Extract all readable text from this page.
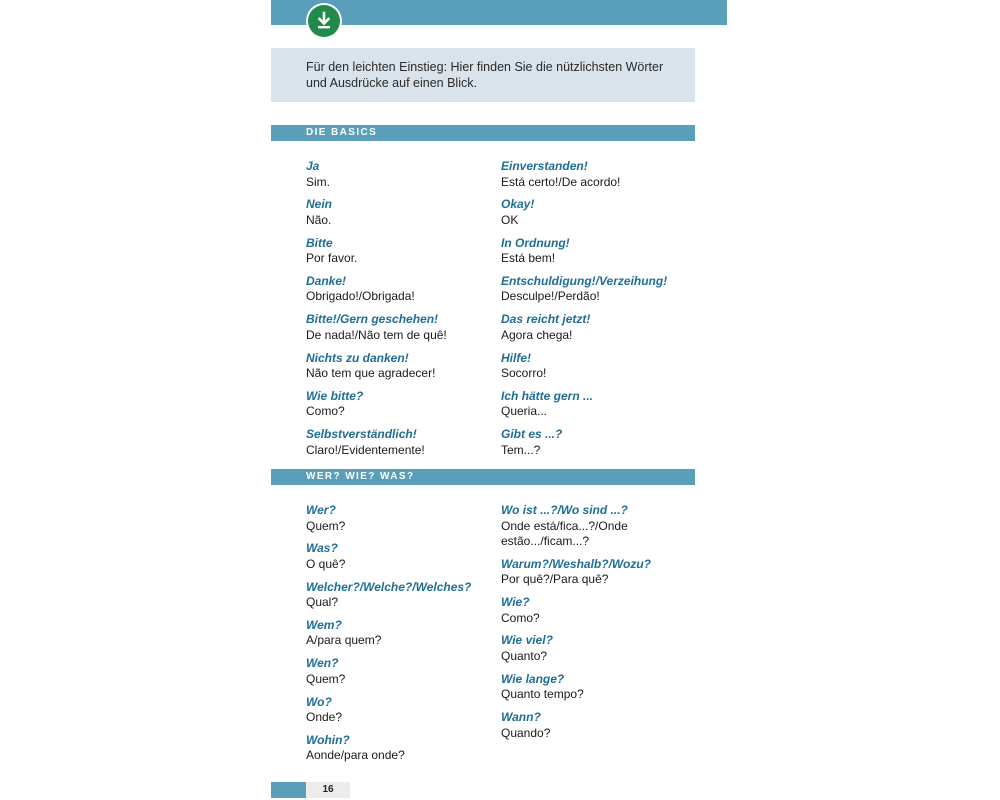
Für den leichten Einstieg: Hier finden Sie die nützlichsten Wörter und Ausdrücke auf einen Blick.
DIE BASICS
Ja
Sim.
Nein
Não.
Bitte
Por favor.
Danke!
Obrigado!/Obrigada!
Bitte!/Gern geschehen!
De nada!/Não tem de quê!
Nichts zu danken!
Não tem que agradecer!
Wie bitte?
Como?
Selbstverständlich!
Claro!/Evidentemente!
Einverstanden!
Está certo!/De acordo!
Okay!
OK
In Ordnung!
Está bem!
Entschuldigung!/Verzeihung!
Desculpe!/Perdão!
Das reicht jetzt!
Agora chega!
Hilfe!
Socorro!
Ich hätte gern ...
Queria...
Gibt es ...?
Tem...?
WER? WIE? WAS?
Wer?
Quem?
Was?
O quê?
Welcher?/Welche?/Welches?
Qual?
Wem?
A/para quem?
Wen?
Quem?
Wo?
Onde?
Wohin?
Aonde/para onde?
Wo ist ...?/Wo sind ...?
Onde está/fica...?/Onde
estão.../ficam...?
Warum?/Weshalb?/Wozu?
Por quê?/Para quê?
Wie?
Como?
Wie viel?
Quanto?
Wie lange?
Quanto tempo?
Wann?
Quando?
16
